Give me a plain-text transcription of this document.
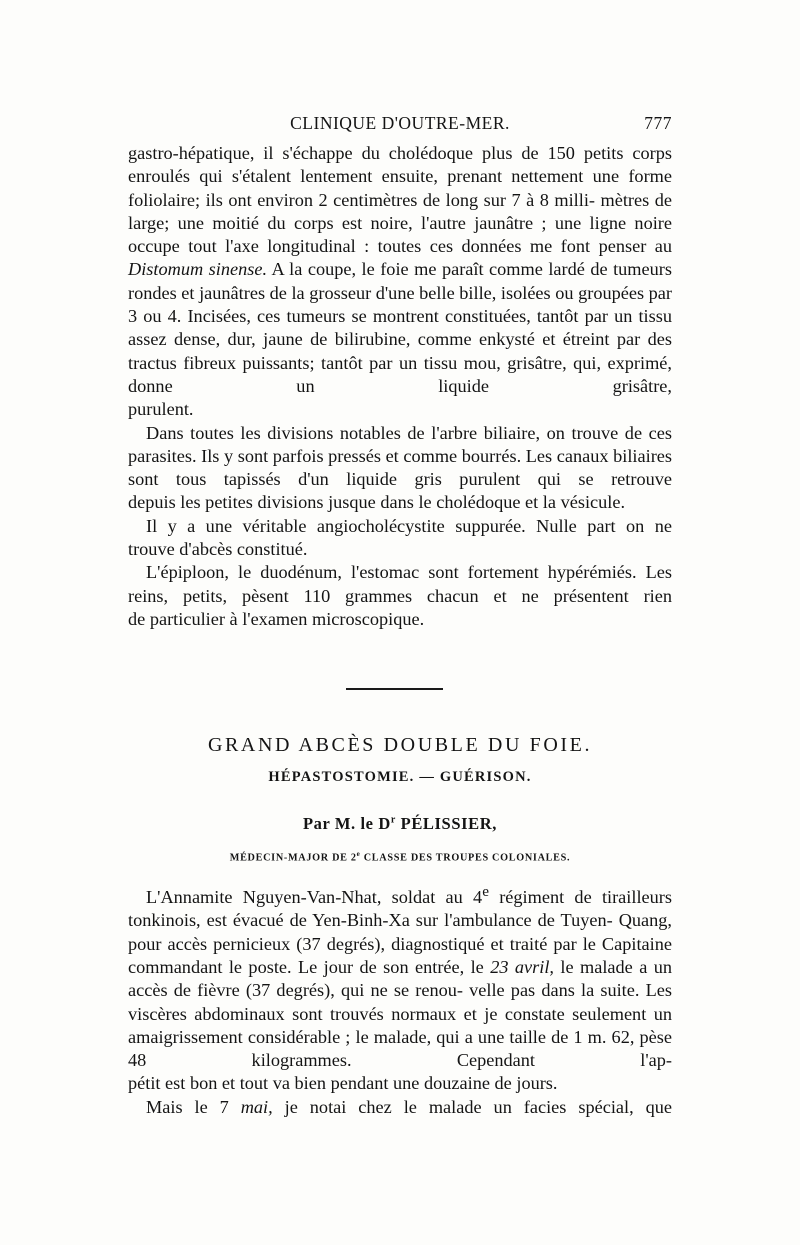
CLINIQUE D'OUTRE-MER.	777

gastro-hépatique, il s'échappe du cholédoque plus de 150 petits corps enroulés qui s'étalent lentement ensuite, prenant nettement une forme foliolaire; ils ont environ 2 centimètres de long sur 7 à 8 milli- mètres de large; une moitié du corps est noire, l'autre jaunâtre ; une ligne noire occupe tout l'axe longitudinal : toutes ces données me font penser au Distomum sinense. A la coupe, le foie me paraît comme lardé de tumeurs rondes et jaunâtres de la grosseur d'une belle bille, isolées ou groupées par 3 ou 4. Incisées, ces tumeurs se montrent constituées, tantôt par un tissu assez dense, dur, jaune de bilirubine, comme enkysté et étreint par des tractus fibreux puissants; tantôt par un tissu mou, grisâtre, qui, exprimé, donne un liquide grisâtre,

purulent.

Dans toutes les divisions notables de l'arbre biliaire, on trouve de ces parasites. Ils y sont parfois pressés et comme bourrés. Les canaux biliaires sont tous tapissés d'un liquide gris purulent qui se retrouve

depuis les petites divisions jusque dans le cholédoque et la vésicule.

Il y a une véritable angiocholécystite suppurée. Nulle part on ne

trouve d'abcès constitué.

L'épiploon, le duodénum, l'estomac sont fortement hypérémiés. Les reins, petits, pèsent 110 grammes chacun et ne présentent rien

de particulier à l'examen microscopique.

GRAND ABCÈS DOUBLE DU FOIE.
HÉPASTOSTOMIE. — GUÉRISON.
Par M. le $D^r$ PÉLISSIER,
MÉDECIN-MAJOR DE 2e CLASSE DES TROUPES COLONIALES.

L'Annamite Nguyen-Van-Nhat, soldat au 4e régiment de tirailleurs tonkinois, est évacué de Yen-Binh-Xa sur l'ambulance de Tuyen- Quang, pour accès pernicieux (37 degrés), diagnostiqué et traité par le Capitaine commandant le poste. Le jour de son entrée, le 23 avril, le malade a un accès de fièvre (37 degrés), qui ne se renou- velle pas dans la suite. Les viscères abdominaux sont trouvés normaux et je constate seulement un amaigrissement considérable ; le malade, qui a une taille de 1 m. 62, pèse 48 kilogrammes. Cependant l'ap-

pétit est bon et tout va bien pendant une douzaine de jours.

Mais le 7 mai, je notai chez le malade un facies spécial, que
